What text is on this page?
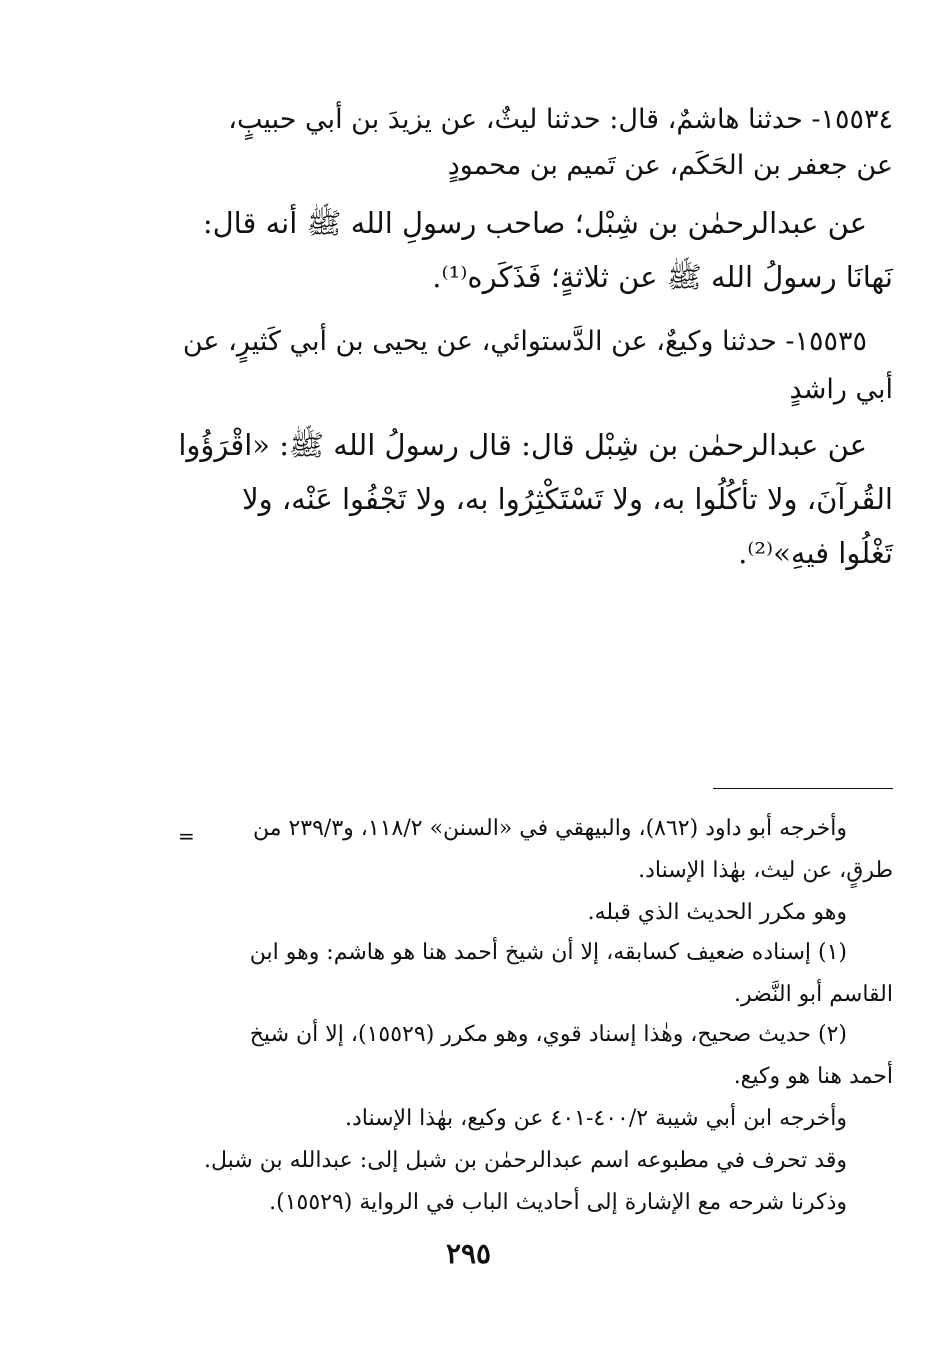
١٥٥٣٤- حدثنا هاشمٌ، قال: حدثنا ليثٌ، عن يزيدَ بن أبي حبيبٍ،
عن جعفر بن الحَكَم، عن تَميم بن محمودٍ
عن عبدالرحمٰن بن شِبْل؛ صاحب رسولِ الله ﷺ أنه قال:
نَهانَا رسولُ الله ﷺ عن ثلاثةٍ؛ فَذَكَره⁽¹⁾.
١٥٥٣٥- حدثنا وكيعٌ، عن الدَّستوائي، عن يحيى بن أبي كَثيرٍ، عن
أبي راشدٍ
عن عبدالرحمٰن بن شِبْل قال: قال رسولُ الله ﷺ: «اقْرَؤُوا
القُرآنَ، ولا تأكُلُوا به، ولا تَسْتَكْثِرُوا به، ولا تَجْفُوا عَنْه، ولا
تَغْلُوا فيهِ»⁽²⁾.
=	وأخرجه أبو داود (٨٦٢)، والبيهقي في «السنن» ١١٨/٢، و٢٣٩/٣ من
طرقٍ، عن ليث، بهٰذا الإسناد.
وهو مكرر الحديث الذي قبله.
(١) إسناده ضعيف كسابقه، إلا أن شيخ أحمد هنا هو هاشم: وهو ابن
القاسم أبو النَّضر.
(٢) حديث صحيح، وهٰذا إسناد قوي، وهو مكرر (١٥٥٢٩)، إلا أن شيخ
أحمد هنا هو وكيع.
وأخرجه ابن أبي شيبة ٤٠٠/٢-٤٠١ عن وكيع، بهٰذا الإسناد.
وقد تحرف في مطبوعه اسم عبدالرحمٰن بن شبل إلى: عبدالله بن شبل.
وذكرنا شرحه مع الإشارة إلى أحاديث الباب في الرواية (١٥٥٢٩).
٢٩٥
